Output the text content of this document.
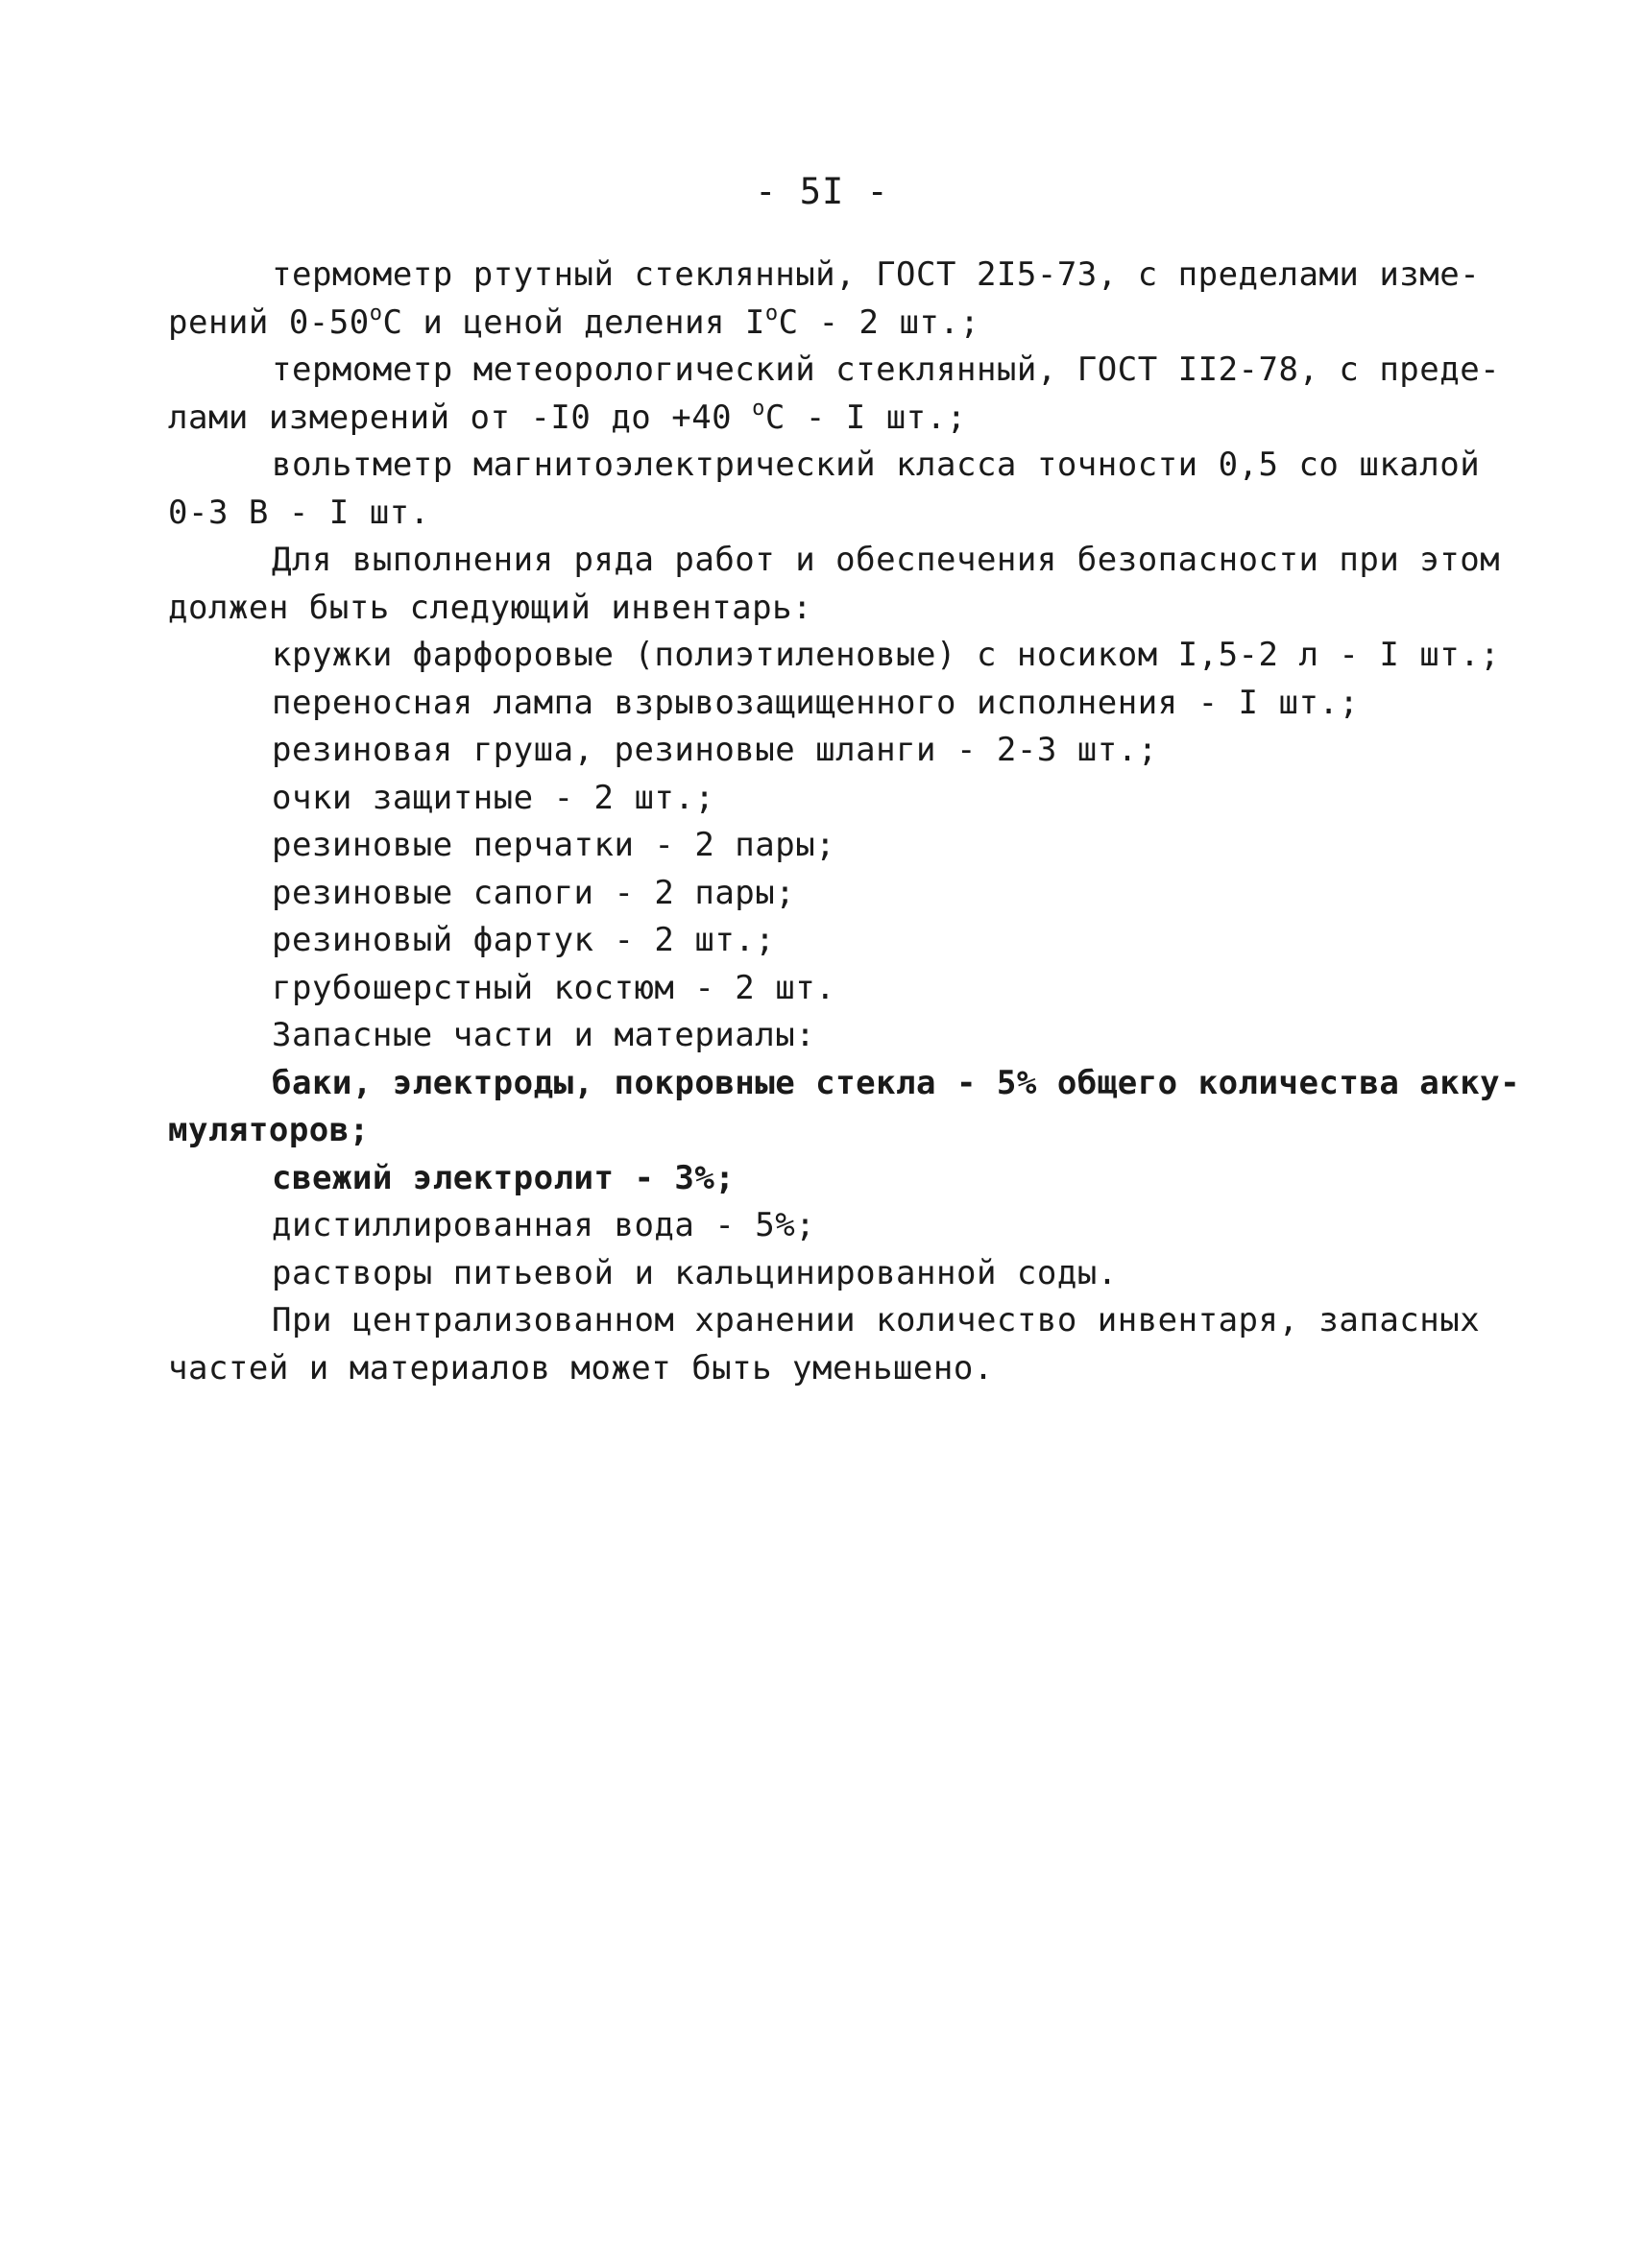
- 5I -
термометр ртутный стеклянный, ГОСТ 2I5-73, с пределами изме-
рений $0-50^оС$ и ценой деления $I^оС - 2$ шт.;
термометр метеорологический стеклянный, ГОСТ II2-78, с преде-
лами измерений от -I0 до +40 $^о$С - I шт.;
вольтметр магнитоэлектрический класса точности 0,5 со шкалой
0-3 В - I шт.
Для выполнения ряда работ и обеспечения безопасности при этом
должен быть следующий инвентарь:
кружки фарфоровые (полиэтиленовые) с носиком I,5-2 л - I шт.;
переносная лампа взрывозащищенного исполнения - I шт.;
резиновая груша, резиновые шланги - 2-3 шт.;
очки защитные - 2 шт.;
резиновые перчатки - 2 пары;
резиновые сапоги - 2 пары;
резиновый фартук - 2 шт.;
грубошерстный костюм - 2 шт.
Запасные части и материалы:
баки, электроды, покровные стекла - 5% общего количества акку-
муляторов;
свежий электролит - 3%;
дистиллированная вода - 5%;
растворы питьевой и кальцинированной соды.
При централизованном хранении количество инвентаря, запасных
частей и материалов может быть уменьшено.
